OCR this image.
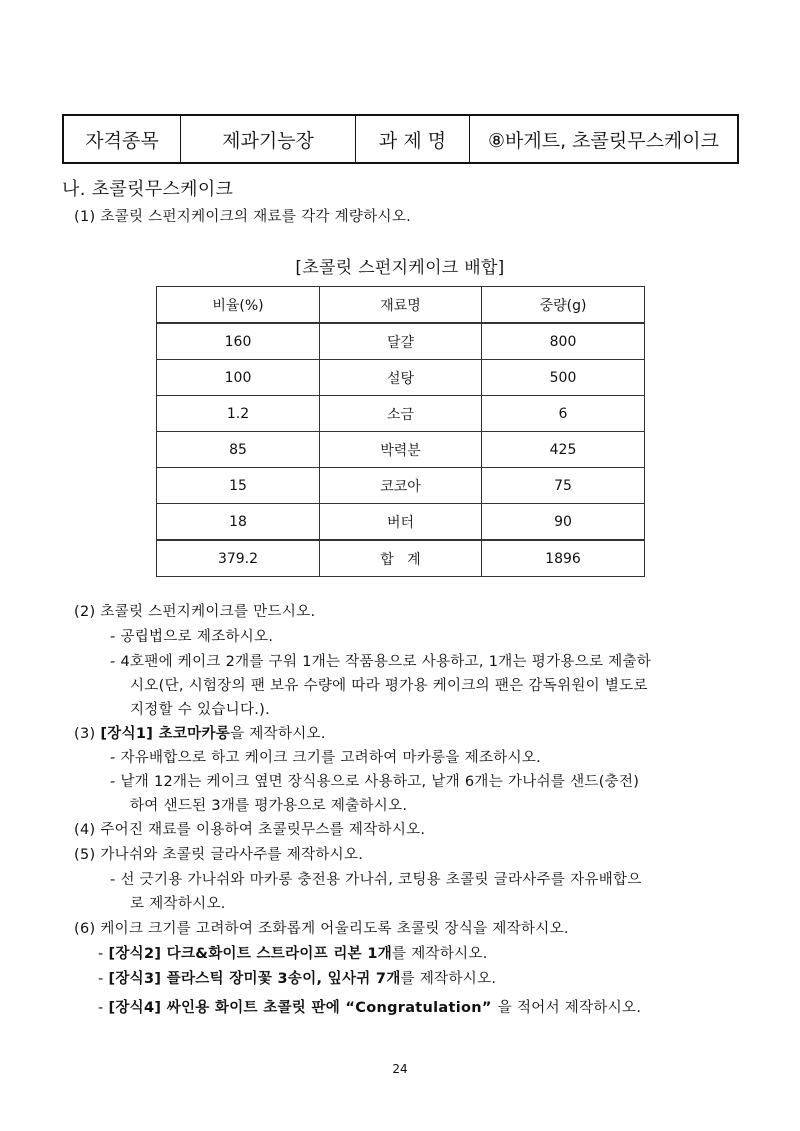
자격종목	제과기능장	과 제 명	⑧바게트, 초콜릿무스케이크
나. 초콜릿무스케이크
(1) 초콜릿 스펀지케이크의 재료를 각각 계량하시오.
[초콜릿 스펀지케이크 배합]
비율(%)	재료명	중량(g)
160	달걀	800
100	설탕	500
1.2	소금	6
85	박력분	425
15	코코아	75
18	버터	90
379.2	합   계	1896
(2) 초콜릿 스펀지케이크를 만드시오.
- 공립법으로 제조하시오.
- 4호팬에 케이크 2개를 구워 1개는 작품용으로 사용하고, 1개는 평가용으로 제출하
시오(단, 시험장의 팬 보유 수량에 따라 평가용 케이크의 팬은 감독위원이 별도로
지정할 수 있습니다.).
(3) [장식1] 초코마카롱을 제작하시오.
- 자유배합으로 하고 케이크 크기를 고려하여 마카롱을 제조하시오.
- 낱개 12개는 케이크 옆면 장식용으로 사용하고, 낱개 6개는 가나쉬를 샌드(충전)
하여 샌드된 3개를 평가용으로 제출하시오.
(4) 주어진 재료를 이용하여 초콜릿무스를 제작하시오.
(5) 가나쉬와 초콜릿 글라사주를 제작하시오.
- 선 긋기용 가나쉬와 마카롱 충전용 가나쉬, 코팅용 초콜릿 글라사주를 자유배합으
로 제작하시오.
(6) 케이크 크기를 고려하여 조화롭게 어울리도록 초콜릿 장식을 제작하시오.
- [장식2] 다크&화이트 스트라이프 리본 1개를 제작하시오.
- [장식3] 플라스틱 장미꽃 3송이, 잎사귀 7개를 제작하시오.
- [장식4] 싸인용 화이트 초콜릿 판에 “Congratulation” 을 적어서 제작하시오.
24
